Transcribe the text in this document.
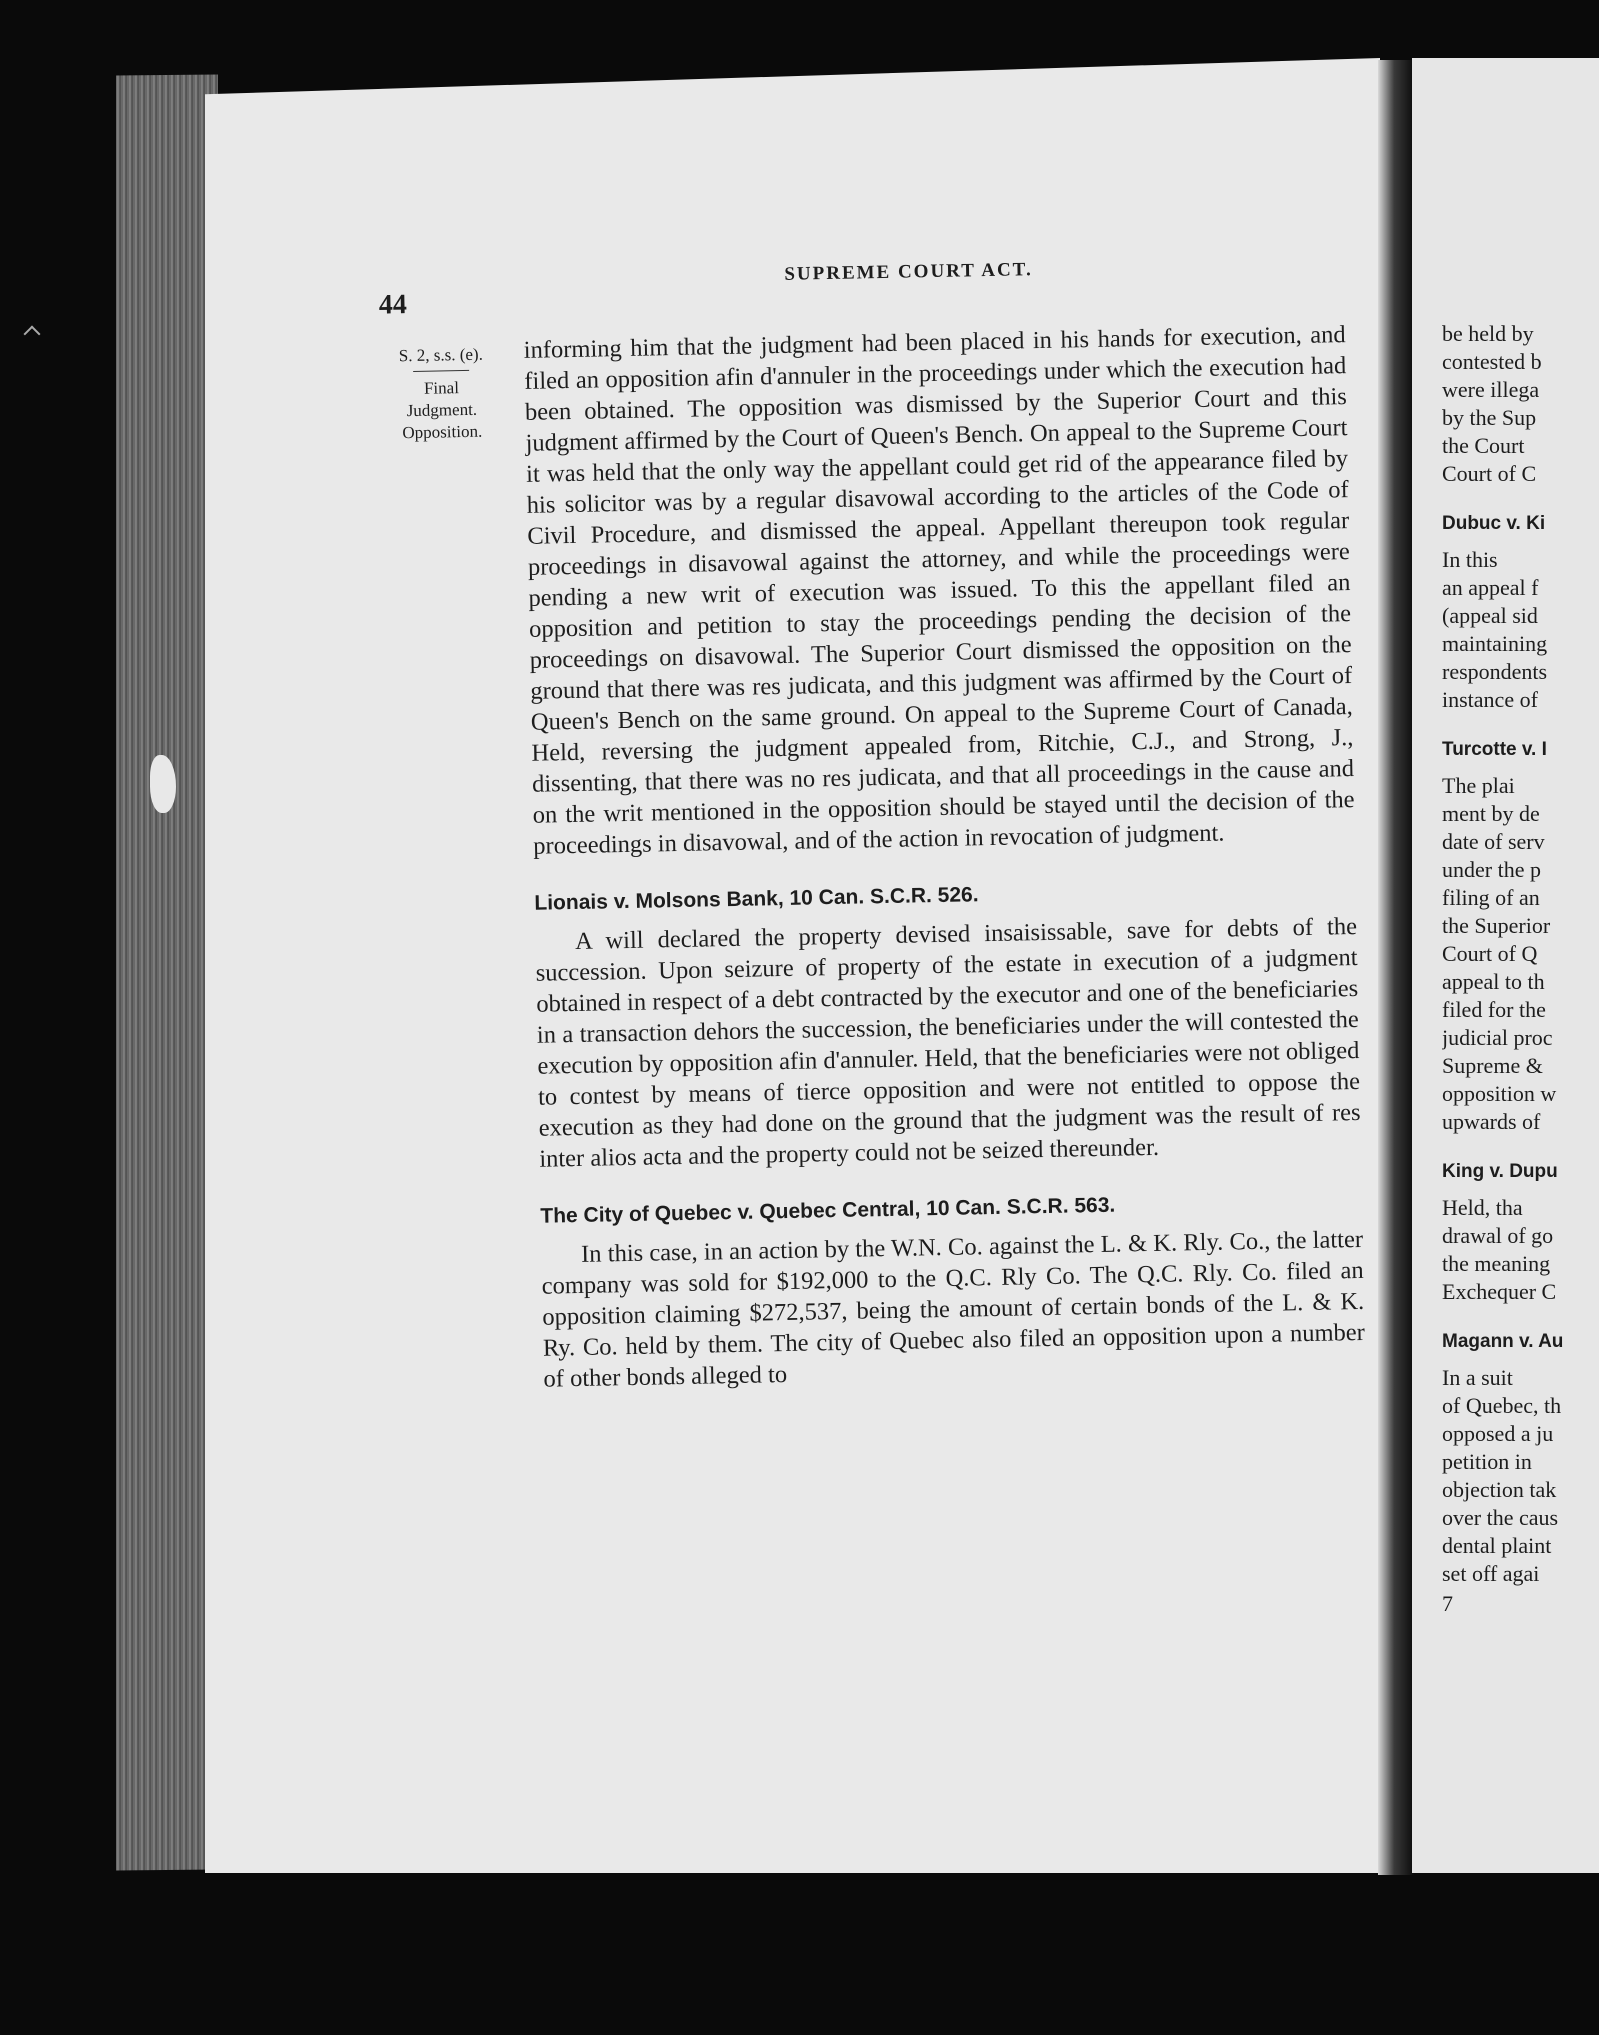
44
SUPREME COURT ACT.
S. 2, s.s. (e).
Final
Judgment.
Opposition.

informing him that the judgment had been placed in his hands for execution, and filed an opposition afin d'annuler in the proceedings under which the execution had been obtained. The opposition was dismissed by the Superior Court and this judgment affirmed by the Court of Queen's Bench. On appeal to the Supreme Court it was held that the only way the appellant could get rid of the appearance filed by his solicitor was by a regular disavowal according to the articles of the Code of Civil Procedure, and dismissed the appeal. Appellant thereupon took regular proceedings in disavowal against the attorney, and while the proceedings were pending a new writ of execution was issued. To this the appellant filed an opposition and petition to stay the proceedings pending the decision of the proceedings on disavowal. The Superior Court dismissed the opposition on the ground that there was res judicata, and this judgment was affirmed by the Court of Queen's Bench on the same ground. On appeal to the Supreme Court of Canada, Held, reversing the judgment appealed from, Ritchie, C.J., and Strong, J., dissenting, that there was no res judicata, and that all proceedings in the cause and on the writ mentioned in the opposition should be stayed until the decision of the proceedings in disavowal, and of the action in revocation of judgment.

Lionais v. Molsons Bank, 10 Can. S.C.R. 526.

A will declared the property devised insaisissable, save for debts of the succession. Upon seizure of property of the estate in execution of a judgment obtained in respect of a debt contracted by the executor and one of the beneficiaries in a transaction dehors the succession, the beneficiaries under the will contested the execution by opposition afin d'annuler. Held, that the beneficiaries were not obliged to contest by means of tierce opposition and were not entitled to oppose the execution as they had done on the ground that the judgment was the result of res inter alios acta and the property could not be seized thereunder.

The City of Quebec v. Quebec Central, 10 Can. S.C.R. 563.

In this case, in an action by the W.N. Co. against the L. & K. Rly. Co., the latter company was sold for $192,000 to the Q.C. Rly Co. The Q.C. Rly. Co. filed an opposition claiming $272,537, being the amount of certain bonds of the L. & K. Ry. Co. held by them. The city of Quebec also filed an opposition upon a number of other bonds alleged to

be held by
contested b
were illega
by the Sup
the Court
Court of C
Dubuc v. Ki
In this
an appeal f
(appeal sid
maintaining
respondents
instance of
Turcotte v. I
The plai
ment by de
date of serv
under the p
filing of an
the Superior
Court of Q
appeal to th
filed for the
judicial proc
Supreme &
opposition w
upwards of
King v. Dupu
Held, tha
drawal of go
the meaning
Exchequer C
Magann v. Au
In a suit
of Quebec, th
opposed a ju
petition in
objection tak
over the caus
dental plaint
set off agai
7
